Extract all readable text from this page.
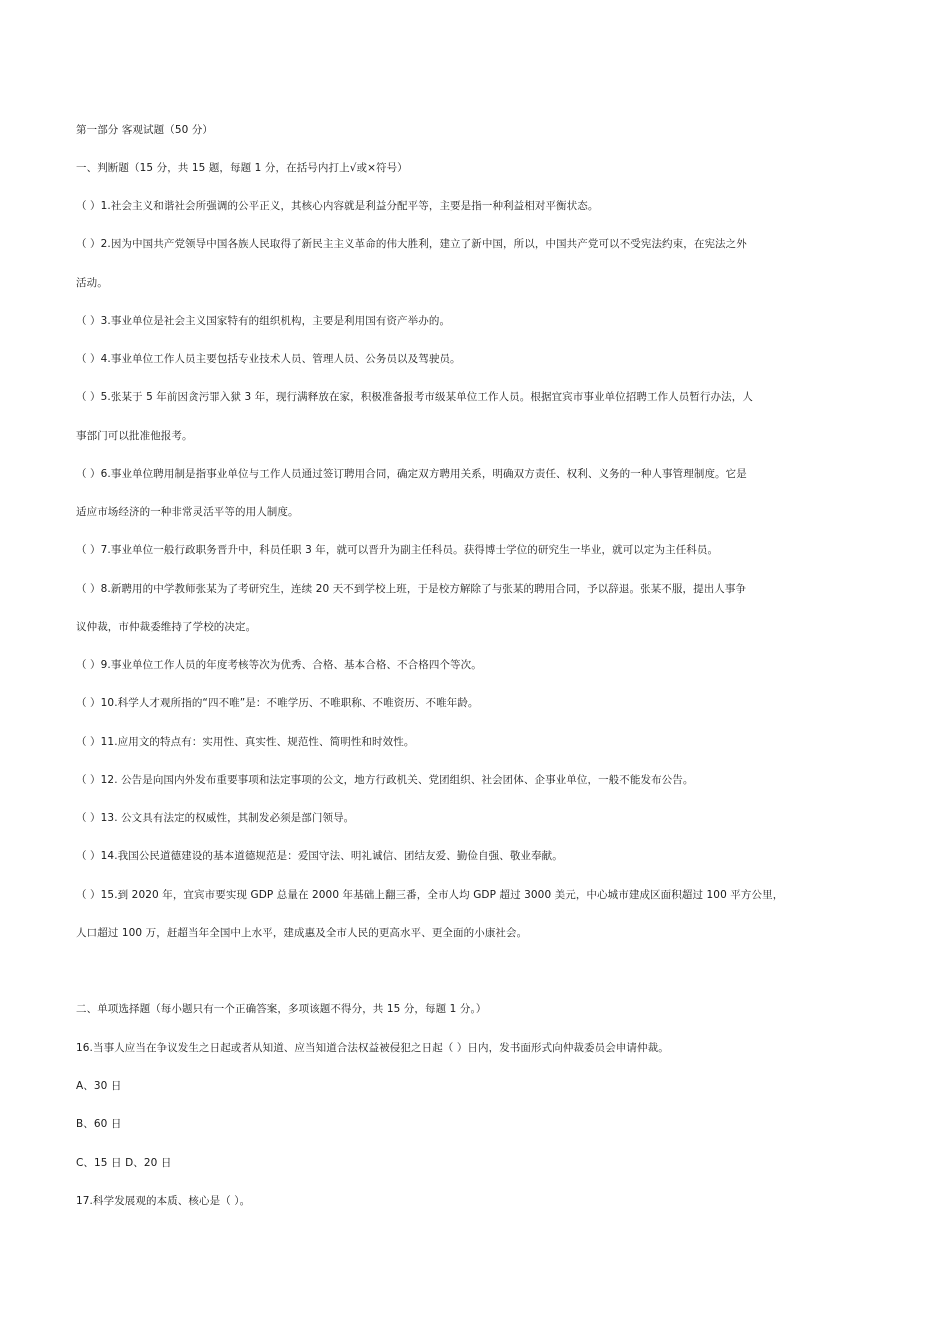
第一部分 客观试题（50 分）
一、判断题（15 分，共 15 题，每题 1 分，在括号内打上√或×符号）
（ ）1.社会主义和谐社会所强调的公平正义，其核心内容就是利益分配平等，主要是指一种利益相对平衡状态。
（ ）2.因为中国共产党领导中国各族人民取得了新民主主义革命的伟大胜利，建立了新中国，所以，中国共产党可以不受宪法约束，在宪法之外
活动。
（ ）3.事业单位是社会主义国家特有的组织机构，主要是利用国有资产举办的。
（ ）4.事业单位工作人员主要包括专业技术人员、管理人员、公务员以及驾驶员。
（ ）5.张某于 5 年前因贪污罪入狱 3 年，现行满释放在家，积极准备报考市级某单位工作人员。根据宜宾市事业单位招聘工作人员暂行办法，人
事部门可以批准他报考。
（ ）6.事业单位聘用制是指事业单位与工作人员通过签订聘用合同，确定双方聘用关系，明确双方责任、权利、义务的一种人事管理制度。它是
适应市场经济的一种非常灵活平等的用人制度。
（ ）7.事业单位一般行政职务晋升中，科员任职 3 年，就可以晋升为副主任科员。获得博士学位的研究生一毕业，就可以定为主任科员。
（ ）8.新聘用的中学教师张某为了考研究生，连续 20 天不到学校上班，于是校方解除了与张某的聘用合同，予以辞退。张某不服，提出人事争
议仲裁，市仲裁委维持了学校的决定。
（ ）9.事业单位工作人员的年度考核等次为优秀、合格、基本合格、不合格四个等次。
（ ）10.科学人才观所指的“四不唯”是：不唯学历、不唯职称、不唯资历、不唯年龄。
（ ）11.应用文的特点有：实用性、真实性、规范性、简明性和时效性。
（ ）12. 公告是向国内外发布重要事项和法定事项的公文，地方行政机关、党团组织、社会团体、企事业单位，一般不能发布公告。
（ ）13. 公文具有法定的权威性，其制发必须是部门领导。
（ ）14.我国公民道德建设的基本道德规范是：爱国守法、明礼诚信、团结友爱、勤俭自强、敬业奉献。
（ ）15.到 2020 年，宜宾市要实现 GDP 总量在 2000 年基础上翻三番，全市人均 GDP 超过 3000 美元，中心城市建成区面积超过 100 平方公里，
人口超过 100 万，赶超当年全国中上水平，建成惠及全市人民的更高水平、更全面的小康社会。
二、单项选择题（每小题只有一个正确答案，多项该题不得分，共 15 分，每题 1 分。）
16.当事人应当在争议发生之日起或者从知道、应当知道合法权益被侵犯之日起（ ）日内，发书面形式向仲裁委员会申请仲裁。
A、30 日
B、60 日
C、15 日 D、20 日
17.科学发展观的本质、核心是（ ）。
